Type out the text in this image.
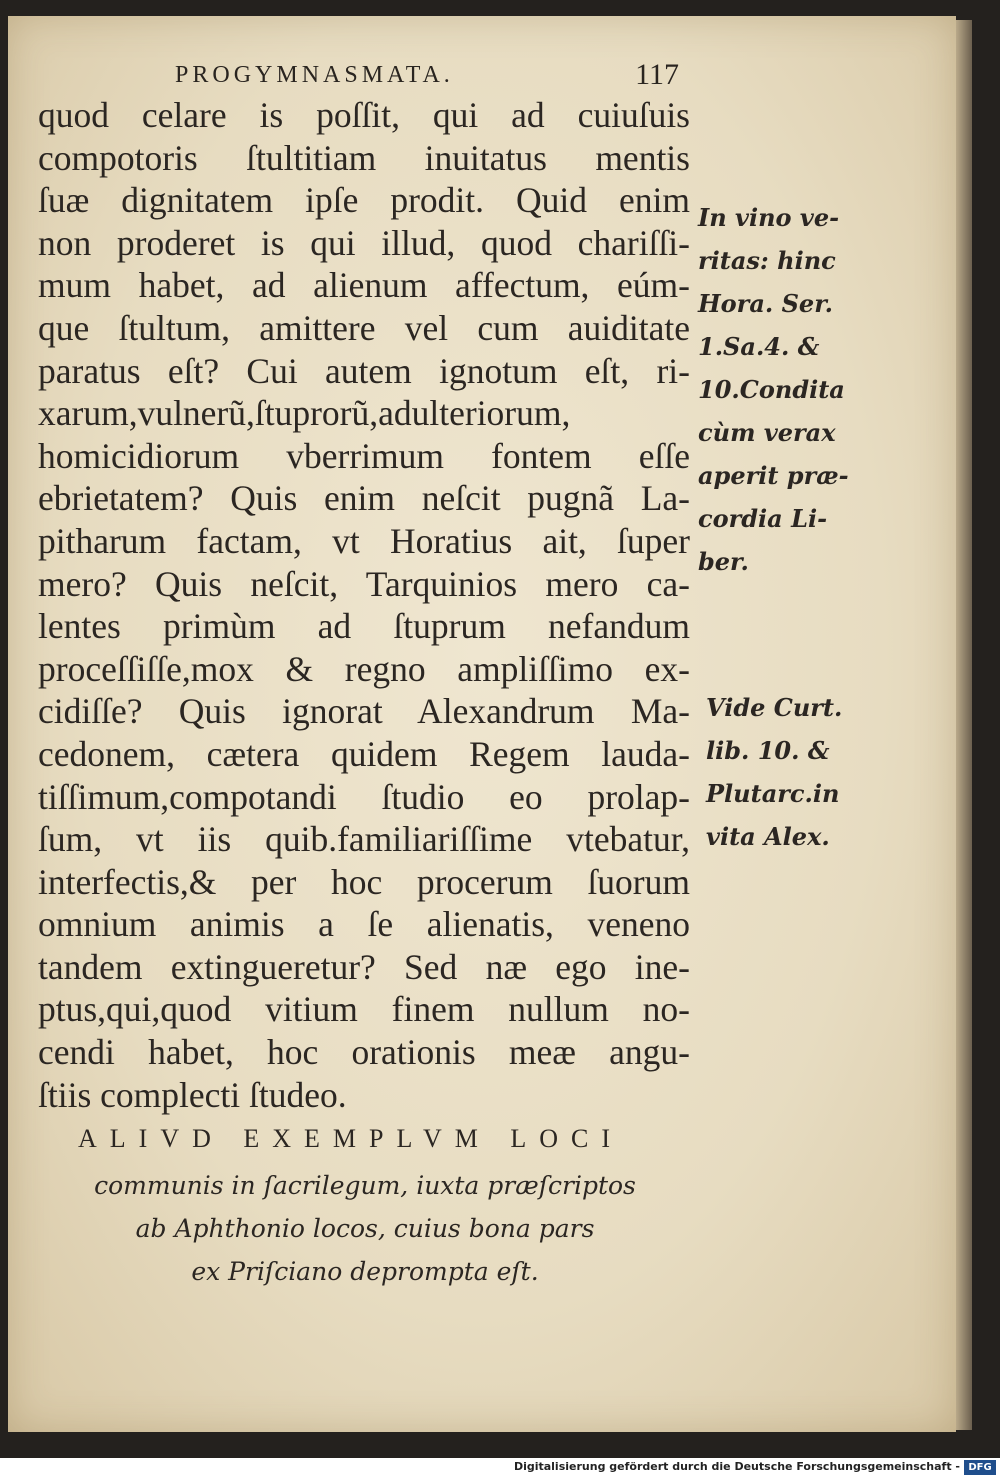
PROGYMNASMATA.	117
quod celare is poſſit, qui ad cuiuſuis
compotoris ſtultitiam inuitatus mentis
ſuæ dignitatem ipſe prodit. Quid enim
non proderet is qui illud, quod chariſſi-
mum habet, ad alienum affectum, eúm-
que ſtultum, amittere vel cum auiditate
paratus eſt? Cui autem ignotum eſt, ri-
xarum,vulnerũ,ſtuprorũ,adulteriorum,
homicidiorum vberrimum fontem eſſe
ebrietatem? Quis enim neſcit pugnã La-
pitharum factam, vt Horatius ait, ſuper
mero? Quis neſcit, Tarquinios mero ca-
lentes primùm ad ſtuprum nefandum
proceſſiſſe,mox & regno ampliſſimo ex-
cidiſſe? Quis ignorat Alexandrum Ma-
cedonem, cætera quidem Regem lauda-
tiſſimum,compotandi ſtudio eo prolap-
ſum, vt iis quib.familiariſſime vtebatur,
interfectis,& per hoc procerum ſuorum
omnium animis a ſe alienatis, veneno
tandem extingueretur? Sed næ ego ine-
ptus,qui,quod vitium finem nullum no-
cendi habet, hoc orationis meæ angu-
ſtiis complecti ſtudeo.
In vino ve-
ritas: hinc
Hora. Ser.
1.Sa.4. &
10.Condita
cùm verax
aperit præ-
cordia Li-
ber.
Vide Curt.
lib. 10. &
Plutarc.in
vita Alex.
ALIVD EXEMPLVM LOCI
communis in ſacrilegum, iuxta præſcriptos
ab Aphthonio locos, cuius bona pars
ex Priſciano deprompta eſt.
Digitalisierung gefördert durch die Deutsche Forschungsgemeinschaft - DFG
